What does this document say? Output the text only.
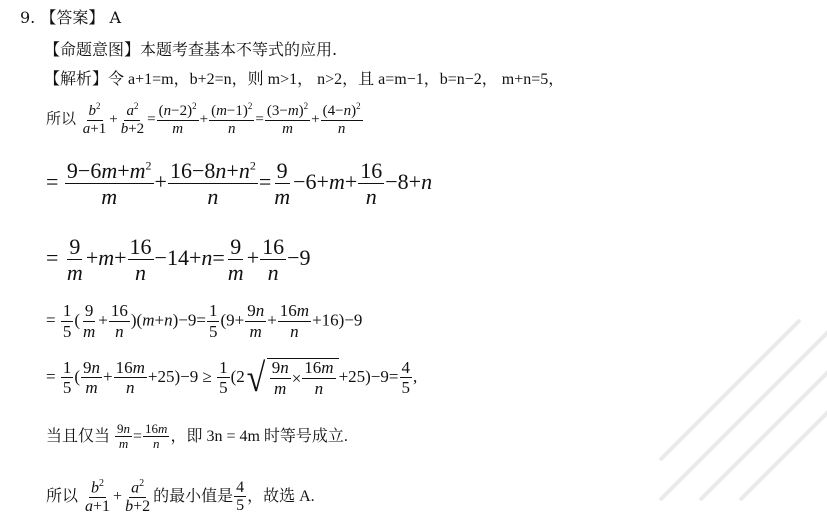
9. 【答案】 A
【命题意图】本题考查基本不等式的应用.
【解析】令 a+1=m，b+2=n，则 m>1， n>2，且 a=m−1，b=n−2， m+n=5，
所以 $\frac{b^2}{a+1} + \frac{a^2}{b+2} = \frac{(n-2)^2}{m} + \frac{(m-1)^2}{n} = \frac{(3-m)^2}{m} + \frac{(4-n)^2}{n}$
= $\frac{9-6m+m^2}{m} + \frac{16-8n+n^2}{n} = \frac{9}{m} -6+m+ \frac{16}{n} -8+n$
= $\frac{9}{m} +m+ \frac{16}{n} -14+n= \frac{9}{m} + \frac{16}{n} -9$
= $\frac{1}{5}$ ( $\frac{9}{m} + \frac{16}{n} )(m+n)-9= \frac{1}{5} (9+ \frac{9n}{m} + \frac{16m}{n} +16)-9$
= $\frac{1}{5}$ ( $\frac{9n}{m} + \frac{16m}{n} +25)-9 \ge \frac{1}{5} (2$ √ $\frac{9n}{m} \times \frac{16m}{n} +25)-9= \frac{4}{5}$ ,
当且仅当 $\frac{9n}{m} = \frac{16m}{n}$ ，即 3n = 4m 时等号成立.
所以 $\frac{b^2}{a+1} + \frac{a^2}{b+2}$ 的最小值是 $\frac{4}{5}$ ，故选 A.
